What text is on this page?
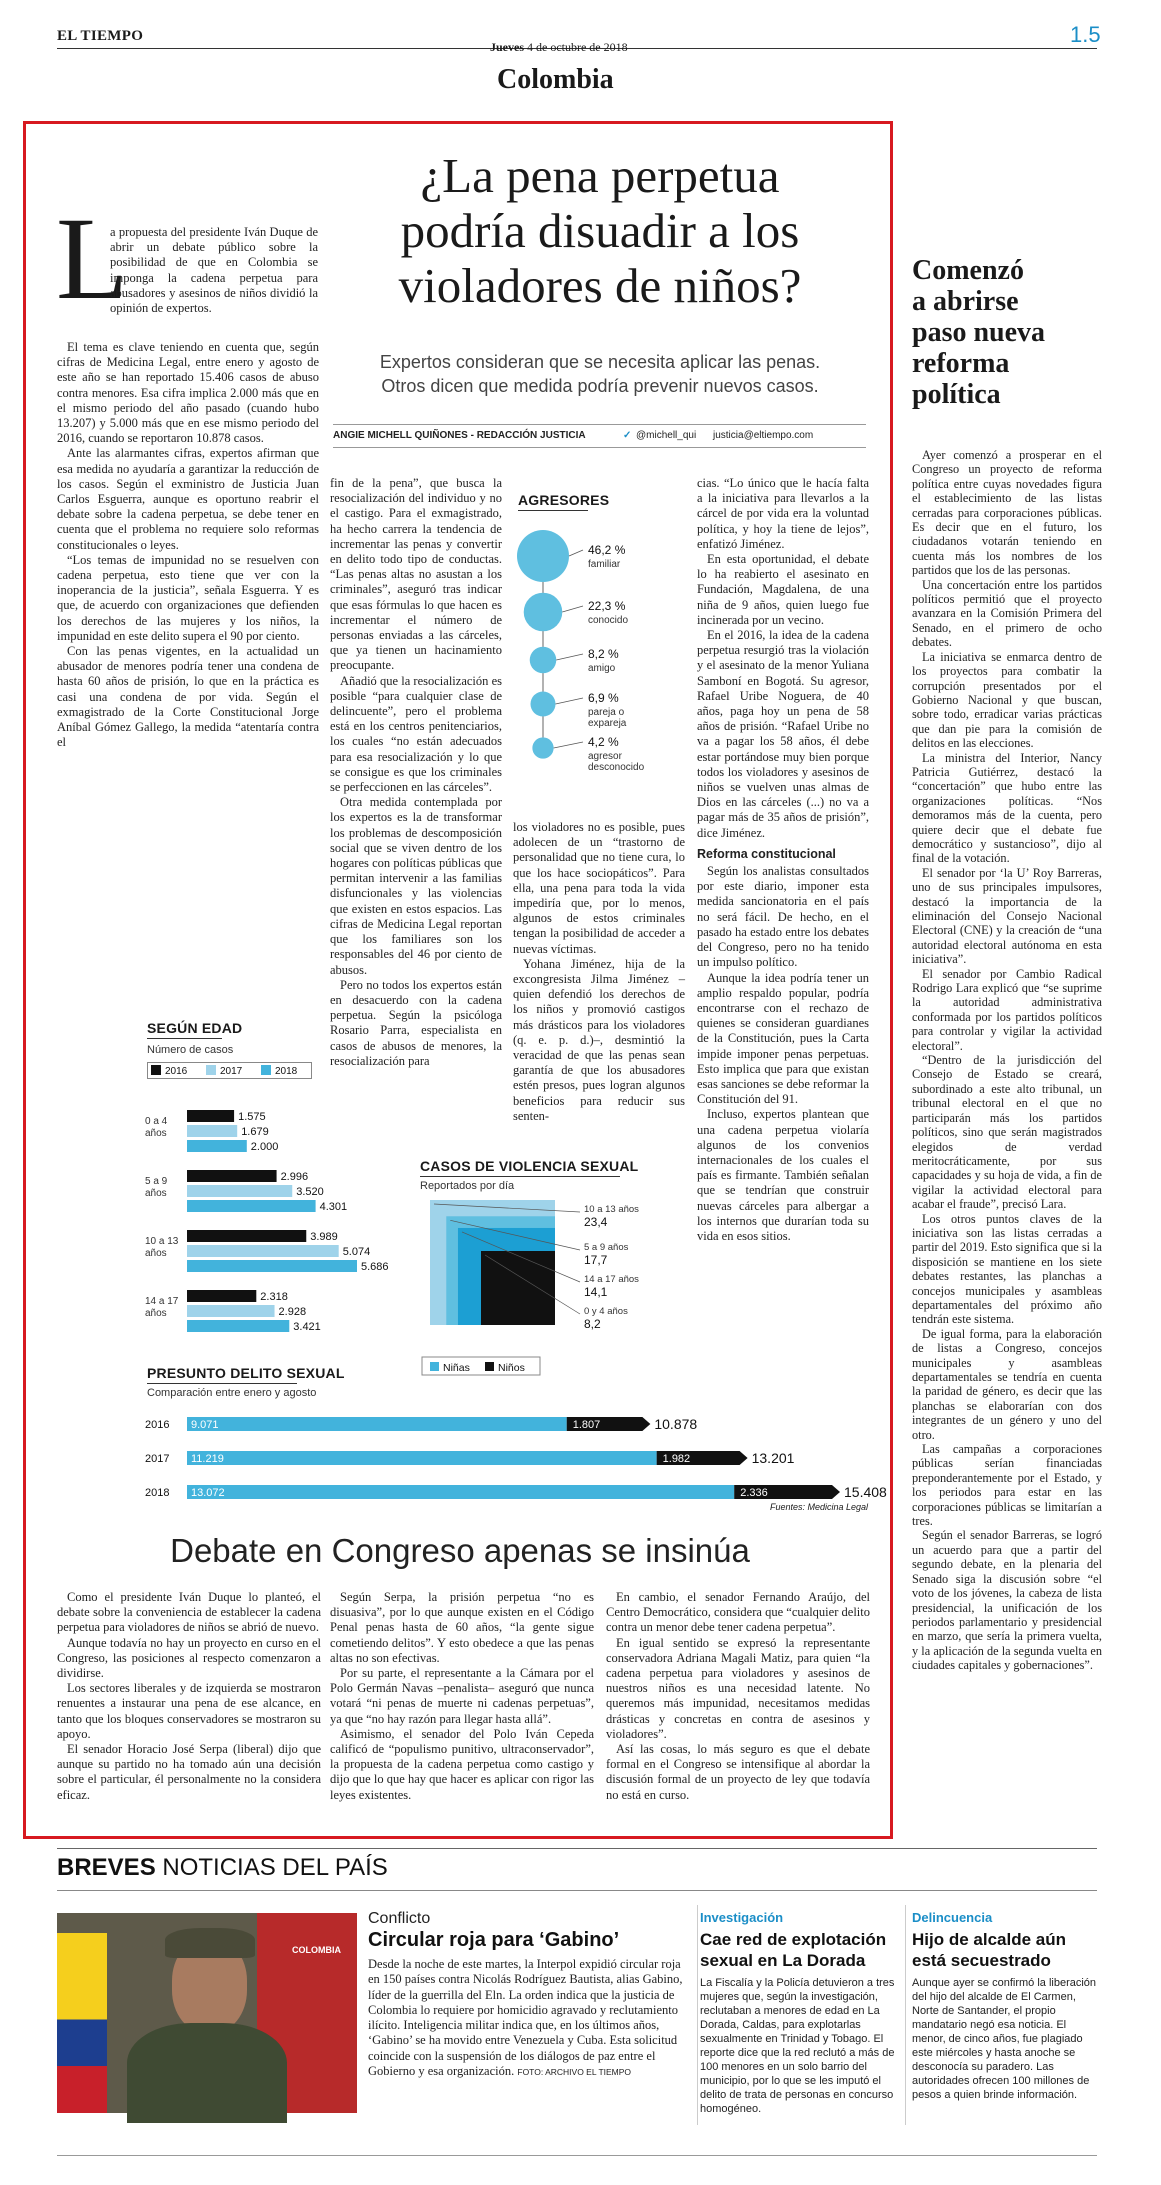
EL TIEMPO
Jueves 4 de octubre de 2018	1.5
Colombia
¿La pena perpetua
podría disuadir a los
violadores de niños?
Expertos consideran que se necesita aplicar las penas.
Otros dicen que medida podría prevenir nuevos casos.
ANGIE MICHELL QUIÑONES - REDACCIÓN JUSTICIA	✓ @michell_qui justicia@eltiempo.com
L
a propuesta del presidente Iván Duque de abrir un debate público sobre la posibilidad de que en Colombia se imponga la cadena perpetua para abusadores y asesinos de niños dividió la opinión de expertos.

El tema es clave teniendo en cuenta que, según cifras de Medicina Legal, entre enero y agosto de este año se han reportado 15.406 casos de abuso contra menores. Esa cifra implica 2.000 más que en el mismo periodo del año pasado (cuando hubo 13.207) y 5.000 más que en ese mismo periodo del 2016, cuando se reportaron 10.878 casos.

Ante las alarmantes cifras, expertos afirman que esa medida no ayudaría a garantizar la reducción de los casos. Según el exministro de Justicia Juan Carlos Esguerra, aunque es oportuno reabrir el debate sobre la cadena perpetua, se debe tener en cuenta que el problema no requiere solo reformas constitucionales o leyes.

“Los temas de impunidad no se resuelven con cadena perpetua, esto tiene que ver con la inoperancia de la justicia”, señala Esguerra. Y es que, de acuerdo con organizaciones que defienden los derechos de las mujeres y los niños, la impunidad en este delito supera el 90 por ciento.

Con las penas vigentes, en la actualidad un abusador de menores podría tener una condena de hasta 60 años de prisión, lo que en la práctica es casi una condena de por vida. Según el exmagistrado de la Corte Constitucional Jorge Aníbal Gómez Gallego, la medida “atentaría contra el

fin de la pena”, que busca la resocialización del individuo y no el castigo. Para el exmagistrado, ha hecho carrera la tendencia de incrementar las penas y convertir en delito todo tipo de conductas. “Las penas altas no asustan a los criminales”, aseguró tras indicar que esas fórmulas lo que hacen es incrementar el número de personas enviadas a las cárceles, que ya tienen un hacinamiento preocupante.

Añadió que la resocialización es posible “para cualquier clase de delincuente”, pero el problema está en los centros penitenciarios, los cuales “no están adecuados para esa resocialización y lo que se consigue es que los criminales se perfeccionen en las cárceles”.

Otra medida contemplada por los expertos es la de transformar los problemas de descomposición social que se viven dentro de los hogares con políticas públicas que permitan intervenir a las familias disfuncionales y las violencias que existen en estos espacios. Las cifras de Medicina Legal reportan que los familiares son los responsables del 46 por ciento de abusos.

Pero no todos los expertos están en desacuerdo con la cadena perpetua. Según la psicóloga Rosario Parra, especialista en casos de abusos de menores, la resocialización para

los violadores no es posible, pues adolecen de un “trastorno de personalidad que no tiene cura, lo que los hace sociopáticos”. Para ella, una pena para toda la vida impediría que, por lo menos, algunos de estos criminales tengan la posibilidad de acceder a nuevas víctimas.

Yohana Jiménez, hija de la excongresista Jilma Jiménez –quien defendió los derechos de los niños y promovió castigos más drásticos para los violadores (q. e. p. d.)–, desmintió la veracidad de que las penas sean garantía de que los abusadores estén presos, pues logran algunos beneficios para reducir sus senten-

cias. “Lo único que le hacía falta a la iniciativa para llevarlos a la cárcel de por vida era la voluntad política, y hoy la tiene de lejos”, enfatizó Jiménez.

En esta oportunidad, el debate lo ha reabierto el asesinato en Fundación, Magdalena, de una niña de 9 años, quien luego fue incinerada por un vecino.

En el 2016, la idea de la cadena perpetua resurgió tras la violación y el asesinato de la menor Yuliana Samboní en Bogotá. Su agresor, Rafael Uribe Noguera, de 40 años, paga hoy un pena de 58 años de prisión. “Rafael Uribe no va a pagar los 58 años, él debe estar portándose muy bien porque todos los violadores y asesinos de niños se vuelven unas almas de Dios en las cárceles (...) no va a pagar más de 35 años de prisión”, dice Jiménez.

Reforma constitucional

Según los analistas consultados por este diario, imponer esta medida sancionatoria en el país no será fácil. De hecho, en el pasado ha estado entre los debates del Congreso, pero no ha tenido un impulso político.

Aunque la idea podría tener un amplio respaldo popular, podría encontrarse con el rechazo de quienes se consideran guardianes de la Constitución, pues la Carta impide imponer penas perpetuas. Esto implica que para que existan esas sanciones se debe reformar la Constitución del 91.

Incluso, expertos plantean que una cadena perpetua violaría algunos de los convenios internacionales de los cuales el país es firmante. También señalan que se tendrían que construir nuevas cárceles para albergar a los internos que durarían toda su vida en esos sitios.

AGRESORES
46,2 %
familiar
22,3 %
conocido
8,2 %
amigo
6,9 %
pareja o
expareja
4,2 %
agresor
desconocido
SEGÚN EDAD
Número de casos
2016	2017	2018
0 a 4
años
1.575
1.679
2.000
5 a 9
años
2.996
3.520
4.301
10 a 13
años
3.989
5.074
5.686
14 a 17
años
2.318
2.928
3.421
CASOS DE VIOLENCIA SEXUAL
Reportados por día
10 a 13 años
23,4
5 a 9 años
17,7
14 a 17 años
14,1
0 y 4 años
8,2
Niñas	Niños
PRESUNTO DELITO SEXUAL
Comparación entre enero y agosto
2016 9.071	1.807	10.878
2017 11.219	1.982	13.201
2018 13.072	2.336	15.408
Fuentes: Medicina Legal
Debate en Congreso apenas se insinúa

Como el presidente Iván Duque lo planteó, el debate sobre la conveniencia de establecer la cadena perpetua para violadores de niños se abrió de nuevo.

Aunque todavía no hay un proyecto en curso en el Congreso, las posiciones al respecto comenzaron a dividirse.

Los sectores liberales y de izquierda se mostraron renuentes a instaurar una pena de ese alcance, en tanto que los bloques conservadores se mostraron su apoyo.

El senador Horacio José Serpa (liberal) dijo que aunque su partido no ha tomado aún una decisión sobre el particular, él personalmente no la considera eficaz.

Según Serpa, la prisión perpetua “no es disuasiva”, por lo que aunque existen en el Código Penal penas hasta de 60 años, “la gente sigue cometiendo delitos”. Y esto obedece a que las penas altas no son efectivas.

Por su parte, el representante a la Cámara por el Polo Germán Navas –penalista– aseguró que nunca votará “ni penas de muerte ni cadenas perpetuas”, ya que “no hay razón para llegar hasta allá”.

Asimismo, el senador del Polo Iván Cepeda calificó de “populismo punitivo, ultraconservador”, la propuesta de la cadena perpetua como castigo y dijo que lo que hay que hacer es aplicar con rigor las leyes existentes.

En cambio, el senador Fernando Araújo, del Centro Democrático, considera que “cualquier delito contra un menor debe tener cadena perpetua”.

En igual sentido se expresó la representante conservadora Adriana Magali Matiz, para quien “la cadena perpetua para violadores y asesinos de nuestros niños es una necesidad latente. No queremos más impunidad, necesitamos medidas drásticas y concretas en contra de asesinos y violadores”.

Así las cosas, lo más seguro es que el debate formal en el Congreso se intensifique al abordar la discusión formal de un proyecto de ley que todavía no está en curso.

Comenzó
a abrirse
paso nueva
reforma
política

Ayer comenzó a prosperar en el Congreso un proyecto de reforma política entre cuyas novedades figura el establecimiento de las listas cerradas para corporaciones públicas. Es decir que en el futuro, los ciudadanos votarán teniendo en cuenta más los nombres de los partidos que los de las personas.

Una concertación entre los partidos políticos permitió que el proyecto avanzara en la Comisión Primera del Senado, en el primero de ocho debates.

La iniciativa se enmarca dentro de los proyectos para combatir la corrupción presentados por el Gobierno Nacional y que buscan, sobre todo, erradicar varias prácticas que dan pie para la comisión de delitos en las elecciones.

La ministra del Interior, Nancy Patricia Gutiérrez, destacó la “concertación” que hubo entre las organizaciones políticas. “Nos demoramos más de la cuenta, pero quiere decir que el debate fue democrático y sustancioso”, dijo al final de la votación.

El senador por ‘la U’ Roy Barreras, uno de sus principales impulsores, destacó la importancia de la eliminación del Consejo Nacional Electoral (CNE) y la creación de “una autoridad electoral autónoma en esta iniciativa”.

El senador por Cambio Radical Rodrigo Lara explicó que “se suprime la autoridad administrativa conformada por los partidos políticos para controlar y vigilar la actividad electoral”.

“Dentro de la jurisdicción del Consejo de Estado se creará, subordinado a este alto tribunal, un tribunal electoral en el que no participarán más los partidos políticos, sino que serán magistrados elegidos de verdad meritocráticamente, por sus capacidades y su hoja de vida, a fin de vigilar la actividad electoral para acabar el fraude”, precisó Lara.

Los otros puntos claves de la iniciativa son las listas cerradas a partir del 2019. Esto significa que si la disposición se mantiene en los siete debates restantes, las planchas a concejos municipales y asambleas departamentales del próximo año tendrán este sistema.

De igual forma, para la elaboración de listas a Congreso, concejos municipales y asambleas departamentales se tendría en cuenta la paridad de género, es decir que las planchas se elaborarían con dos integrantes de un género y uno del otro.

Las campañas a corporaciones públicas serían financiadas preponderantemente por el Estado, y los periodos para estar en las corporaciones públicas se limitarían a tres.

Según el senador Barreras, se logró un acuerdo para que a partir del segundo debate, en la plenaria del Senado siga la discusión sobre “el voto de los jóvenes, la cabeza de lista presidencial, la unificación de los periodos parlamentario y presidencial en marzo, que sería la primera vuelta, y la aplicación de la segunda vuelta en ciudades capitales y gobernaciones”.

BREVES NOTICIAS DEL PAÍS
COLOMBIA
Conflicto
Circular roja para ‘Gabino’
Desde la noche de este martes, la Interpol expidió circular roja en 150 países contra Nicolás Rodríguez Bautista, alias Gabino, líder de la guerrilla del Eln. La orden indica que la justicia de Colombia lo requiere por homicidio agravado y reclutamiento ilícito. Inteligencia militar indica que, en los últimos años, ‘Gabino’ se ha movido entre Venezuela y Cuba. Esta solicitud coincide con la suspensión de los diálogos de paz entre el Gobierno y esa organización. FOTO: ARCHIVO EL TIEMPO
Investigación
Cae red de explotación sexual en La Dorada
La Fiscalía y la Policía detuvieron a tres mujeres que, según la investigación, reclutaban a menores de edad en La Dorada, Caldas, para explotarlas sexualmente en Trinidad y Tobago. El reporte dice que la red reclutó a más de 100 menores en un solo barrio del municipio, por lo que se les imputó el delito de trata de personas en concurso homogéneo.
Delincuencia
Hijo de alcalde aún está secuestrado
Aunque ayer se confirmó la liberación del hijo del alcalde de El Carmen, Norte de Santander, el propio mandatario negó esa noticia. El menor, de cinco años, fue plagiado este miércoles y hasta anoche se desconocía su paradero. Las autoridades ofrecen 100 millones de pesos a quien brinde información.
